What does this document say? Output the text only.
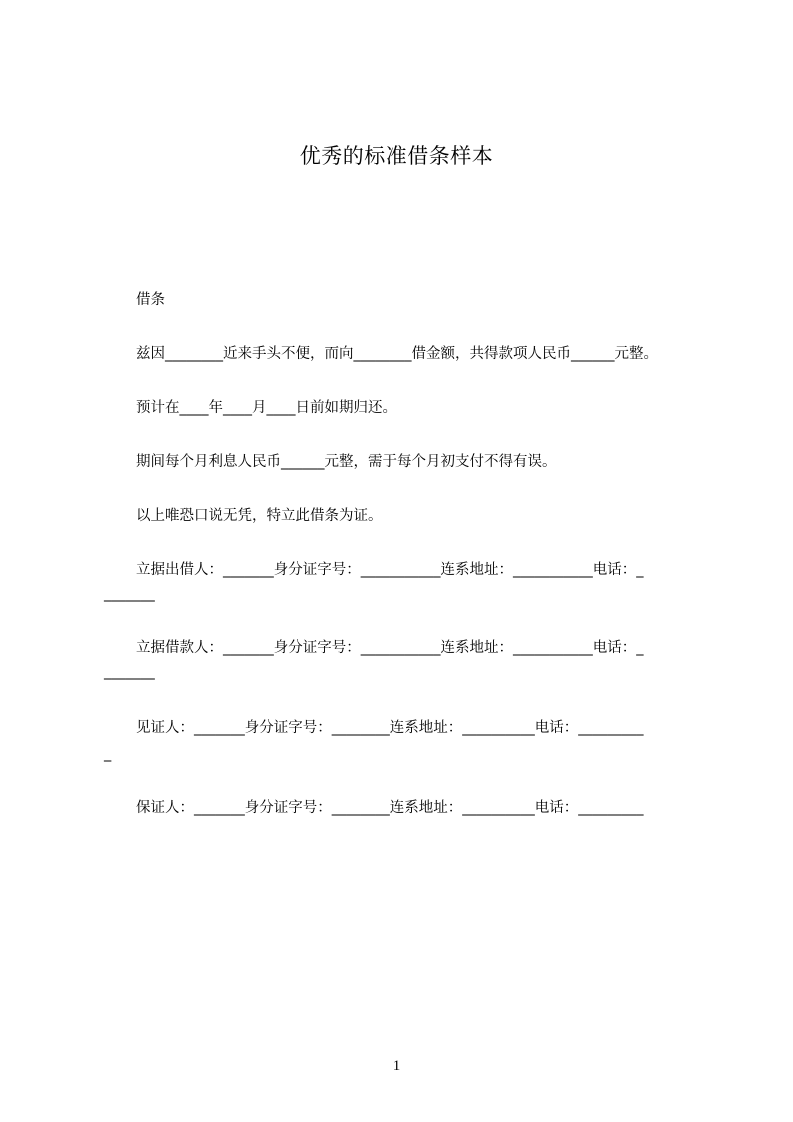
优秀的标准借条样本
借条
兹因________近来手头不便，而向________借金额，共得款项人民币______元整。
预计在____年____月____日前如期归还。
期间每个月利息人民币______元整，需于每个月初支付不得有误。
以上唯恐口说无凭，特立此借条为证。
立据出借人：_______身分证字号：___________连系地址：___________电话：_
_______
立据借款人：_______身分证字号：___________连系地址：___________电话：_
_______
见证人：_______身分证字号：________连系地址：__________电话：_________
_
保证人：_______身分证字号：________连系地址：__________电话：_________
1
